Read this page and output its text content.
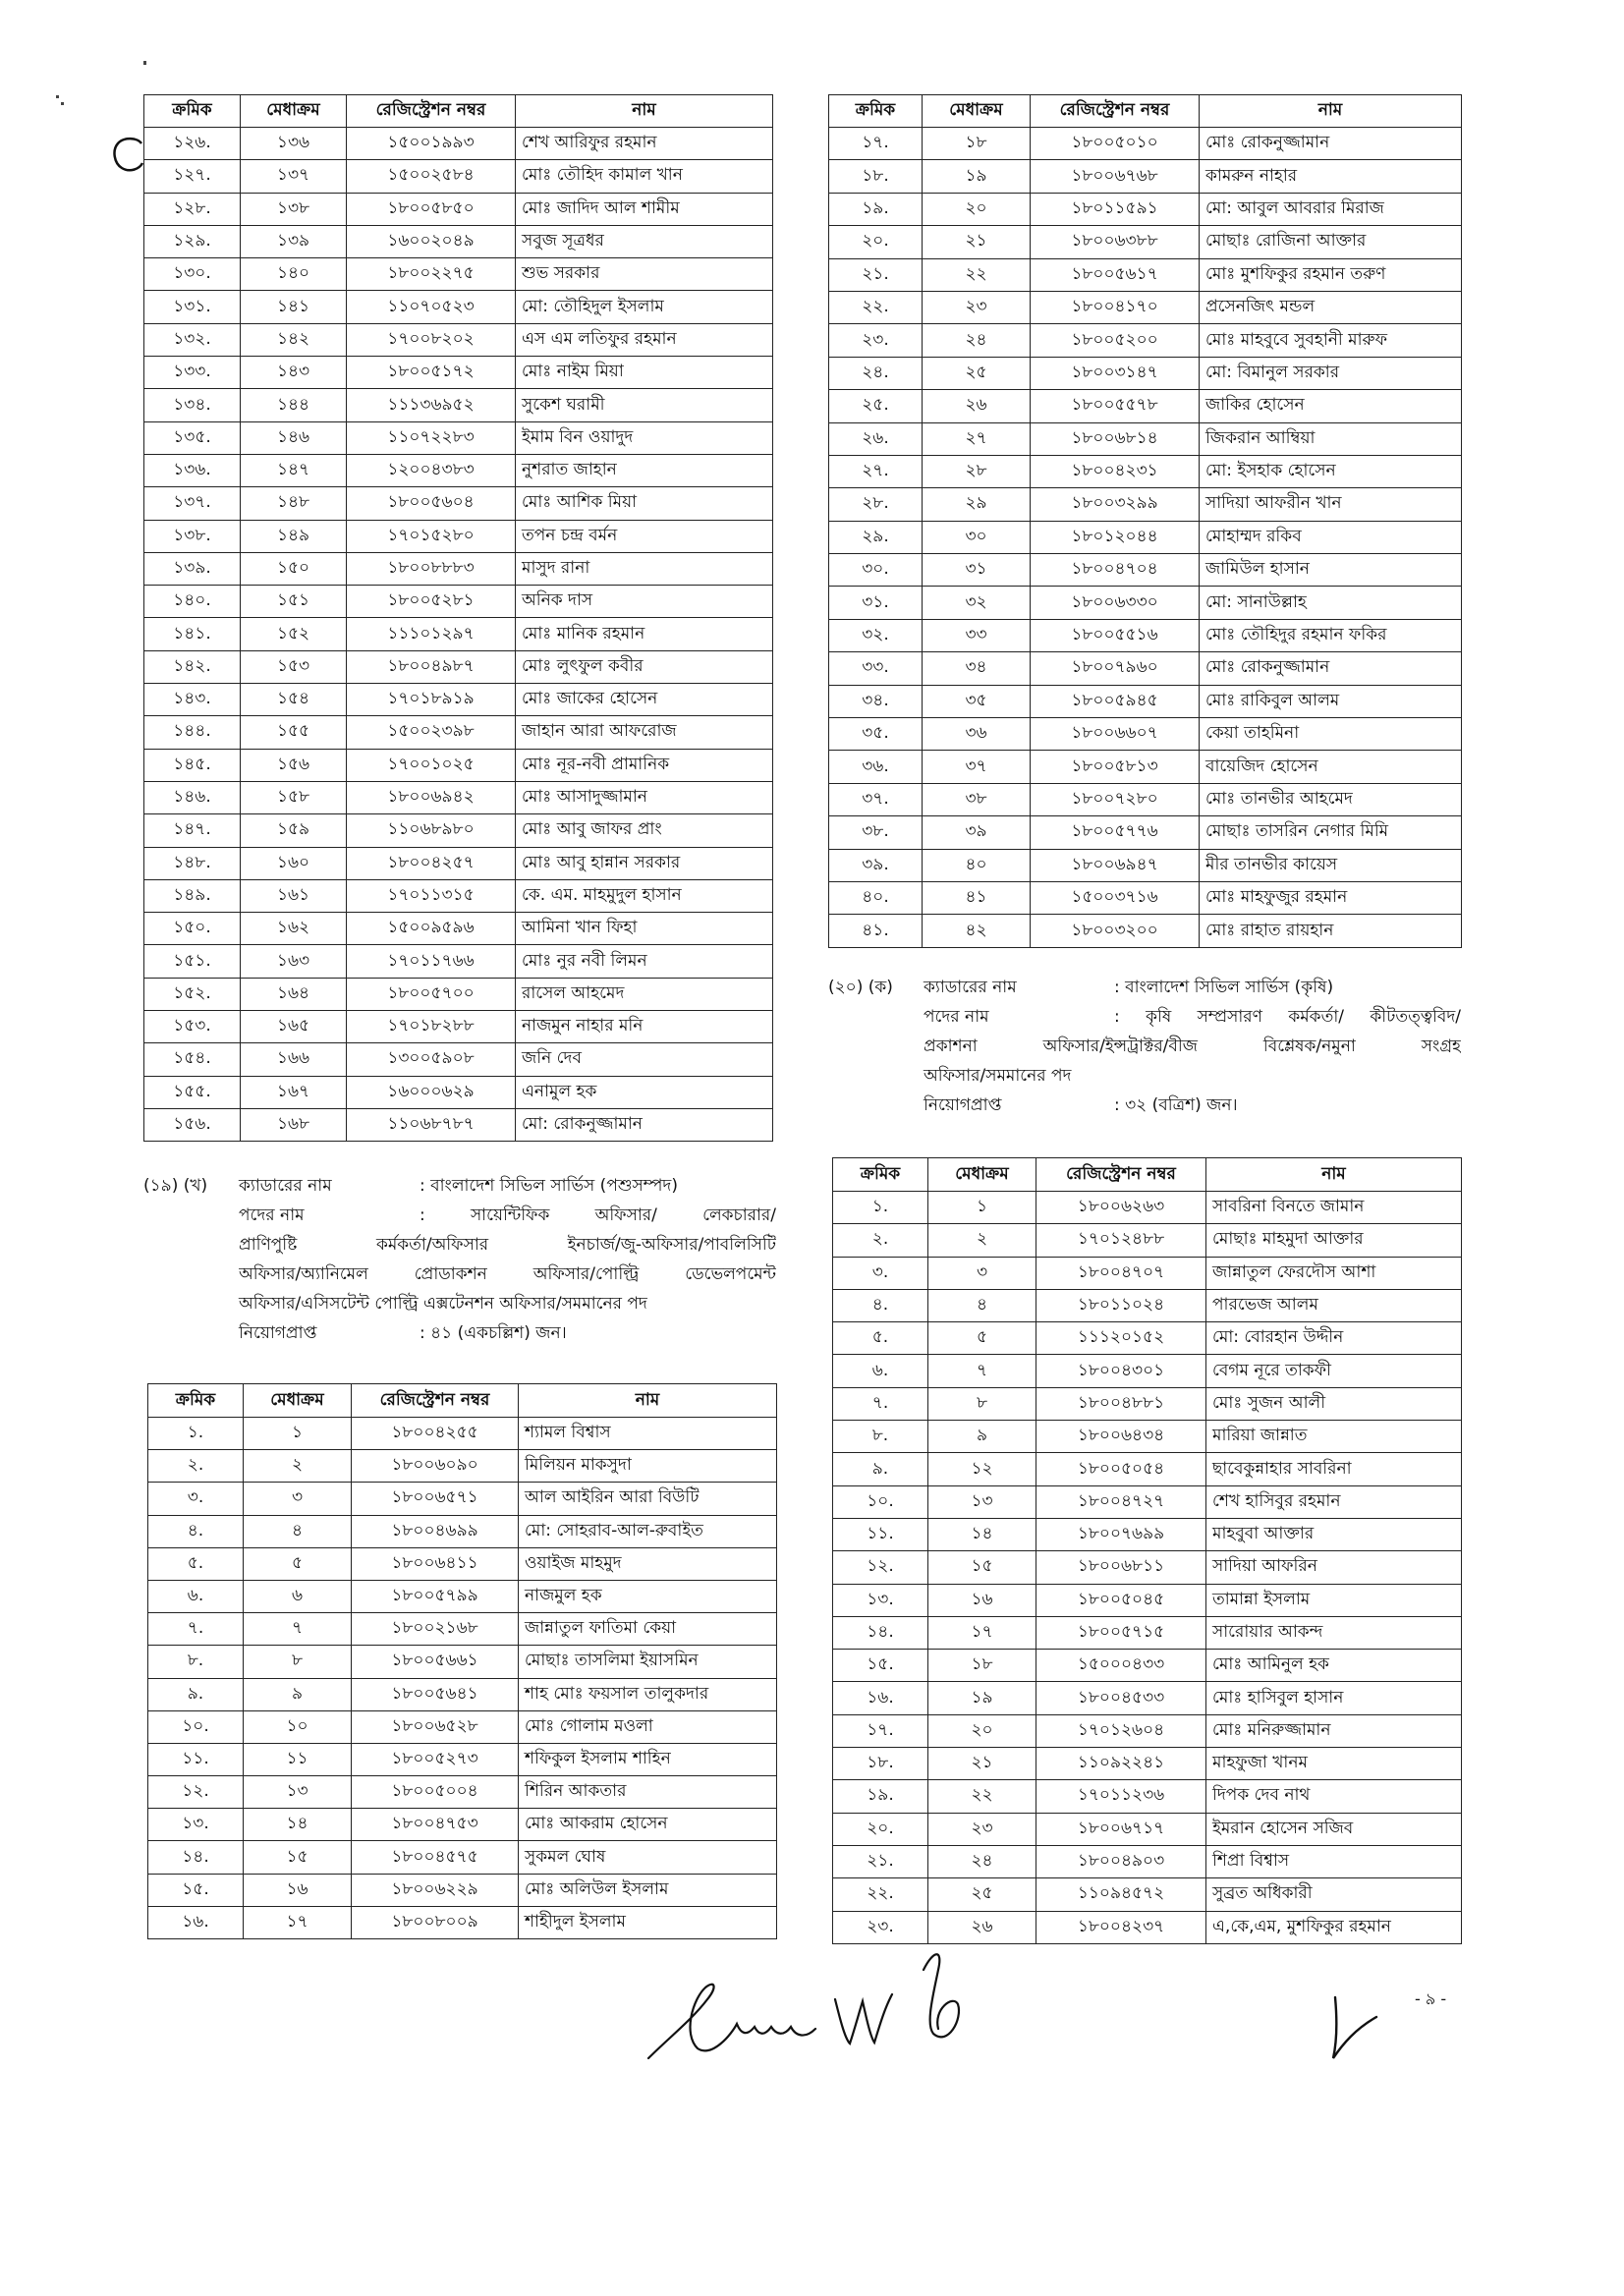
ক্রমিক	মেধাক্রম	রেজিস্ট্রেশন নম্বর	নাম
১২৬.	১৩৬	১৫০০১৯৯৩	শেখ আরিফুর রহমান
১২৭.	১৩৭	১৫০০২৫৮৪	মোঃ তৌহিদ কামাল খান
১২৮.	১৩৮	১৮০০৫৮৫০	মোঃ জাদিদ আল শামীম
১২৯.	১৩৯	১৬০০২০৪৯	সবুজ সূত্রধর
১৩০.	১৪০	১৮০০২২৭৫	শুভ সরকার
১৩১.	১৪১	১১০৭০৫২৩	মো: তৌহিদুল ইসলাম
১৩২.	১৪২	১৭০০৮২০২	এস এম লতিফুর রহমান
১৩৩.	১৪৩	১৮০০৫১৭২	মোঃ নাইম মিয়া
১৩৪.	১৪৪	১১১৩৬৯৫২	সুকেশ ঘরামী
১৩৫.	১৪৬	১১০৭২২৮৩	ইমাম বিন ওয়াদুদ
১৩৬.	১৪৭	১২০০৪৩৮৩	নুশরাত জাহান
১৩৭.	১৪৮	১৮০০৫৬০৪	মোঃ আশিক মিয়া
১৩৮.	১৪৯	১৭০১৫২৮০	তপন চন্দ্র বর্মন
১৩৯.	১৫০	১৮০০৮৮৮৩	মাসুদ রানা
১৪০.	১৫১	১৮০০৫২৮১	অনিক দাস
১৪১.	১৫২	১১১০১২৯৭	মোঃ মানিক রহমান
১৪২.	১৫৩	১৮০০৪৯৮৭	মোঃ লুৎফুল কবীর
১৪৩.	১৫৪	১৭০১৮৯১৯	মোঃ জাকের হোসেন
১৪৪.	১৫৫	১৫০০২৩৯৮	জাহান আরা আফরোজ
১৪৫.	১৫৬	১৭০০১০২৫	মোঃ নূর-নবী প্রামানিক
১৪৬.	১৫৮	১৮০০৬৯৪২	মোঃ আসাদুজ্জামান
১৪৭.	১৫৯	১১০৬৮৯৮০	মোঃ আবু জাফর প্রাং
১৪৮.	১৬০	১৮০০৪২৫৭	মোঃ আবু হান্নান সরকার
১৪৯.	১৬১	১৭০১১৩১৫	কে. এম. মাহমুদুল হাসান
১৫০.	১৬২	১৫০০৯৫৯৬	আমিনা খান ফিহা
১৫১.	১৬৩	১৭০১১৭৬৬	মোঃ নুর নবী লিমন
১৫২.	১৬৪	১৮০০৫৭০০	রাসেল আহমেদ
১৫৩.	১৬৫	১৭০১৮২৮৮	নাজমুন নাহার মনি
১৫৪.	১৬৬	১৩০০৫৯০৮	জনি দেব
১৫৫.	১৬৭	১৬০০০৬২৯	এনামুল হক
১৫৬.	১৬৮	১১০৬৮৭৮৭	মো: রোকনুজ্জামান
ক্রমিক	মেধাক্রম	রেজিস্ট্রেশন নম্বর	নাম
১৭.	১৮	১৮০০৫০১০	মোঃ রোকনুজ্জামান
১৮.	১৯	১৮০০৬৭৬৮	কামরুন নাহার
১৯.	২০	১৮০১১৫৯১	মো: আবুল আবরার মিরাজ
২০.	২১	১৮০০৬৩৮৮	মোছাঃ রোজিনা আক্তার
২১.	২২	১৮০০৫৬১৭	মোঃ মুশফিকুর রহমান তরুণ
২২.	২৩	১৮০০৪১৭০	প্রসেনজিৎ মন্ডল
২৩.	২৪	১৮০০৫২০০	মোঃ মাহবুবে সুবহানী মারুফ
২৪.	২৫	১৮০০৩১৪৭	মো: বিমানুল সরকার
২৫.	২৬	১৮০০৫৫৭৮	জাকির হোসেন
২৬.	২৭	১৮০০৬৮১৪	জিকরান আম্বিয়া
২৭.	২৮	১৮০০৪২৩১	মো: ইসহাক হোসেন
২৮.	২৯	১৮০০৩২৯৯	সাদিয়া আফরীন খান
২৯.	৩০	১৮০১২০৪৪	মোহাম্মদ রকিব
৩০.	৩১	১৮০০৪৭০৪	জামিউল হাসান
৩১.	৩২	১৮০০৬৩৩০	মো: সানাউল্লাহ
৩২.	৩৩	১৮০০৫৫১৬	মোঃ তৌহিদুর রহমান ফকির
৩৩.	৩৪	১৮০০৭৯৬০	মোঃ রোকনুজ্জামান
৩৪.	৩৫	১৮০০৫৯৪৫	মোঃ রাকিবুল আলম
৩৫.	৩৬	১৮০০৬৬০৭	কেয়া তাহমিনা
৩৬.	৩৭	১৮০০৫৮১৩	বায়েজিদ হোসেন
৩৭.	৩৮	১৮০০৭২৮০	মোঃ তানভীর আহমেদ
৩৮.	৩৯	১৮০০৫৭৭৬	মোছাঃ তাসরিন নেগার মিমি
৩৯.	৪০	১৮০০৬৯৪৭	মীর তানভীর কায়েস
৪০.	৪১	১৫০০৩৭১৬	মোঃ মাহফুজুর রহমান
৪১.	৪২	১৮০০৩২০০	মোঃ রাহাত রায়হান
(২০) (ক) ক্যাডারের নাম	: বাংলাদেশ সিভিল সার্ভিস (কৃষি)
পদের নাম	: কৃষি সম্প্রসারণ কর্মকর্তা/ কীটতত্ত্ববিদ/
প্রকাশনা অফিসার/ইন্সট্রাক্টর/বীজ বিশ্লেষক/নমুনা সংগ্রহ
অফিসার/সমমানের পদ
নিয়োগপ্রাপ্ত	: ৩২ (বত্রিশ) জন।
(১৯) (খ) ক্যাডারের নাম	: বাংলাদেশ সিভিল সার্ভিস (পশুসম্পদ)
পদের নাম	: সায়েন্টিফিক অফিসার/ লেকচারার/
প্রাণিপুষ্টি কর্মকর্তা/অফিসার ইনচার্জ/জু-অফিসার/পাবলিসিটি
অফিসার/অ্যানিমেল প্রোডাকশন অফিসার/পোল্ট্রি ডেভেলপমেন্ট
অফিসার/এসিসটেন্ট পোল্ট্রি এক্সটেনশন অফিসার/সমমানের পদ
নিয়োগপ্রাপ্ত	: ৪১ (একচল্লিশ) জন।
ক্রমিক	মেধাক্রম	রেজিস্ট্রেশন নম্বর	নাম
১.	১	১৮০০৬২৬৩	সাবরিনা বিনতে জামান
২.	২	১৭০১২৪৮৮	মোছাঃ মাহমুদা আক্তার
৩.	৩	১৮০০৪৭০৭	জান্নাতুল ফেরদৌস আশা
৪.	৪	১৮০১১০২৪	পারভেজ আলম
৫.	৫	১১১২০১৫২	মো: বোরহান উদ্দীন
৬.	৭	১৮০০৪৩০১	বেগম নূরে তাকফী
৭.	৮	১৮০০৪৮৮১	মোঃ সুজন আলী
৮.	৯	১৮০০৬৪৩৪	মারিয়া জান্নাত
৯.	১২	১৮০০৫০৫৪	ছাবেকুন্নাহার সাবরিনা
১০.	১৩	১৮০০৪৭২৭	শেখ হাসিবুর রহমান
১১.	১৪	১৮০০৭৬৯৯	মাহবুবা আক্তার
১২.	১৫	১৮০০৬৮১১	সাদিয়া আফরিন
১৩.	১৬	১৮০০৫০৪৫	তামান্না ইসলাম
১৪.	১৭	১৮০০৫৭১৫	সারোয়ার আকন্দ
১৫.	১৮	১৫০০০৪৩৩	মোঃ আমিনুল হক
১৬.	১৯	১৮০০৪৫৩৩	মোঃ হাসিবুল হাসান
১৭.	২০	১৭০১২৬০৪	মোঃ মনিরুজ্জামান
১৮.	২১	১১০৯২২৪১	মাহফুজা খানম
১৯.	২২	১৭০১১২৩৬	দিপক দেব নাথ
২০.	২৩	১৮০০৬৭১৭	ইমরান হোসেন সজিব
২১.	২৪	১৮০০৪৯০৩	শিপ্রা বিশ্বাস
২২.	২৫	১১০৯৪৫৭২	সুব্রত অধিকারী
২৩.	২৬	১৮০০৪২৩৭	এ,কে,এম, মুশফিকুর রহমান
ক্রমিক	মেধাক্রম	রেজিস্ট্রেশন নম্বর	নাম
১.	১	১৮০০৪২৫৫	শ্যামল বিশ্বাস
২.	২	১৮০০৬০৯০	মিলিয়ন মাকসুদা
৩.	৩	১৮০০৬৫৭১	আল আইরিন আরা বিউটি
৪.	৪	১৮০০৪৬৯৯	মো: সোহরাব-আল-রুবাইত
৫.	৫	১৮০০৬৪১১	ওয়াইজ মাহমুদ
৬.	৬	১৮০০৫৭৯৯	নাজমুল হক
৭.	৭	১৮০০২১৬৮	জান্নাতুল ফাতিমা কেয়া
৮.	৮	১৮০০৫৬৬১	মোছাঃ তাসলিমা ইয়াসমিন
৯.	৯	১৮০০৫৬৪১	শাহ মোঃ ফয়সাল তালুকদার
১০.	১০	১৮০০৬৫২৮	মোঃ গোলাম মওলা
১১.	১১	১৮০০৫২৭৩	শফিকুল ইসলাম শাহিন
১২.	১৩	১৮০০৫০০৪	শিরিন আকতার
১৩.	১৪	১৮০০৪৭৫৩	মোঃ আকরাম হোসেন
১৪.	১৫	১৮০০৪৫৭৫	সুকমল ঘোষ
১৫.	১৬	১৮০০৬২২৯	মোঃ অলিউল ইসলাম
১৬.	১৭	১৮০০৮০০৯	শাহীদুল ইসলাম
- ৯ -
